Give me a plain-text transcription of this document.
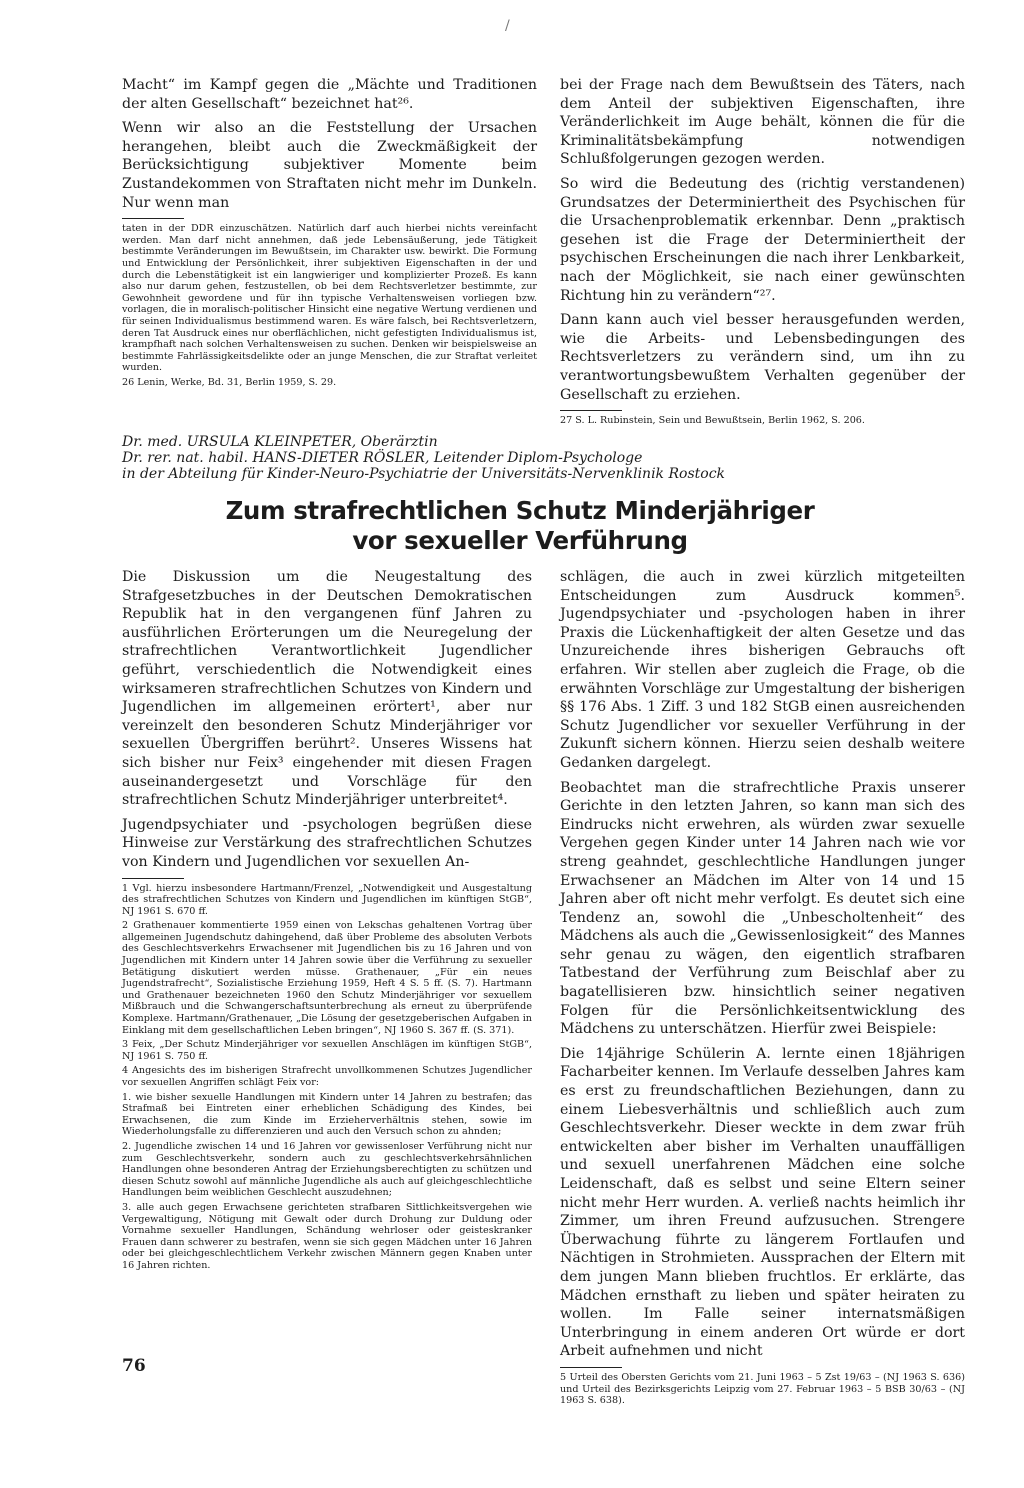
/

Macht“ im Kampf gegen die „Mächte und Traditionen der alten Gesellschaft“ bezeichnet hat²⁶.

Wenn wir also an die Feststellung der Ursachen herangehen, bleibt auch die Zweckmäßigkeit der Berücksichtigung subjektiver Momente beim Zustandekommen von Straftaten nicht mehr im Dunkeln. Nur wenn man

taten in der DDR einzuschätzen. Natürlich darf auch hierbei nichts vereinfacht werden. Man darf nicht annehmen, daß jede Lebensäußerung, jede Tätigkeit bestimmte Veränderungen im Bewußtsein, im Charakter usw. bewirkt. Die Formung und Entwicklung der Persönlichkeit, ihrer subjektiven Eigenschaften in der und durch die Lebenstätigkeit ist ein langwieriger und komplizierter Prozeß. Es kann also nur darum gehen, festzustellen, ob bei dem Rechtsverletzer bestimmte, zur Gewohnheit gewordene und für ihn typische Verhaltensweisen vorliegen bzw. vorlagen, die in moralisch-politischer Hinsicht eine negative Wertung verdienen und für seinen Individualismus bestimmend waren. Es wäre falsch, bei Rechtsverletzern, deren Tat Ausdruck eines nur oberflächlichen, nicht gefestigten Individualismus ist, krampfhaft nach solchen Verhaltensweisen zu suchen. Denken wir beispielsweise an bestimmte Fahrlässigkeitsdelikte oder an junge Menschen, die zur Straftat verleitet wurden.

26 Lenin, Werke, Bd. 31, Berlin 1959, S. 29.

bei der Frage nach dem Bewußtsein des Täters, nach dem Anteil der subjektiven Eigenschaften, ihre Veränderlichkeit im Auge behält, können die für die Kriminalitätsbekämpfung notwendigen Schlußfolgerungen gezogen werden.

So wird die Bedeutung des (richtig verstandenen) Grundsatzes der Determiniertheit des Psychischen für die Ursachenproblematik erkennbar. Denn „praktisch gesehen ist die Frage der Determiniertheit der psychischen Erscheinungen die nach ihrer Lenkbarkeit, nach der Möglichkeit, sie nach einer gewünschten Richtung hin zu verändern“²⁷.

Dann kann auch viel besser herausgefunden werden, wie die Arbeits- und Lebensbedingungen des Rechtsverletzers zu verändern sind, um ihn zu verantwortungsbewußtem Verhalten gegenüber der Gesellschaft zu erziehen.

27 S. L. Rubinstein, Sein und Bewußtsein, Berlin 1962, S. 206.

Dr. med. URSULA KLEINPETER, Oberärztin
Dr. rer. nat. habil. HANS-DIETER RÖSLER, Leitender Diplom-Psychologe
in der Abteilung für Kinder-Neuro-Psychiatrie der Universitäts-Nervenklinik Rostock
Zum strafrechtlichen Schutz Minderjähriger
vor sexueller Verführung

Die Diskussion um die Neugestaltung des Strafgesetzbuches in der Deutschen Demokratischen Republik hat in den vergangenen fünf Jahren zu ausführlichen Erörterungen um die Neuregelung der strafrechtlichen Verantwortlichkeit Jugendlicher geführt, verschiedentlich die Notwendigkeit eines wirksameren strafrechtlichen Schutzes von Kindern und Jugendlichen im allgemeinen erörtert¹, aber nur vereinzelt den besonderen Schutz Minderjähriger vor sexuellen Übergriffen berührt². Unseres Wissens hat sich bisher nur Feix³ eingehender mit diesen Fragen auseinandergesetzt und Vorschläge für den strafrechtlichen Schutz Minderjähriger unterbreitet⁴.

Jugendpsychiater und -psychologen begrüßen diese Hinweise zur Verstärkung des strafrechtlichen Schutzes von Kindern und Jugendlichen vor sexuellen An-

1 Vgl. hierzu insbesondere Hartmann/Frenzel, „Notwendigkeit und Ausgestaltung des strafrechtlichen Schutzes von Kindern und Jugendlichen im künftigen StGB“, NJ 1961 S. 670 ff.

2 Grathenauer kommentierte 1959 einen von Lekschas gehaltenen Vortrag über allgemeinen Jugendschutz dahingehend, daß über Probleme des absoluten Verbots des Geschlechtsverkehrs Erwachsener mit Jugendlichen bis zu 16 Jahren und von Jugendlichen mit Kindern unter 14 Jahren sowie über die Verführung zu sexueller Betätigung diskutiert werden müsse. Grathenauer, „Für ein neues Jugendstrafrecht“, Sozialistische Erziehung 1959, Heft 4 S. 5 ff. (S. 7). Hartmann und Grathenauer bezeichneten 1960 den Schutz Minderjähriger vor sexuellem Mißbrauch und die Schwangerschaftsunterbrechung als erneut zu überprüfende Komplexe. Hartmann/Grathenauer, „Die Lösung der gesetzgeberischen Aufgaben in Einklang mit dem gesellschaftlichen Leben bringen“, NJ 1960 S. 367 ff. (S. 371).

3 Feix, „Der Schutz Minderjähriger vor sexuellen Anschlägen im künftigen StGB“, NJ 1961 S. 750 ff.

4 Angesichts des im bisherigen Strafrecht unvollkommenen Schutzes Jugendlicher vor sexuellen Angriffen schlägt Feix vor:

1. wie bisher sexuelle Handlungen mit Kindern unter 14 Jahren zu bestrafen; das Strafmaß bei Eintreten einer erheblichen Schädigung des Kindes, bei Erwachsenen, die zum Kinde im Erzieherverhältnis stehen, sowie im Wiederholungsfalle zu differenzieren und auch den Versuch schon zu ahnden;

2. Jugendliche zwischen 14 und 16 Jahren vor gewissenloser Verführung nicht nur zum Geschlechtsverkehr, sondern auch zu geschlechtsverkehrsähnlichen Handlungen ohne besonderen Antrag der Erziehungsberechtigten zu schützen und diesen Schutz sowohl auf männliche Jugendliche als auch auf gleichgeschlechtliche Handlungen beim weiblichen Geschlecht auszudehnen;

3. alle auch gegen Erwachsene gerichteten strafbaren Sittlichkeitsvergehen wie Vergewaltigung, Nötigung mit Gewalt oder durch Drohung zur Duldung oder Vornahme sexueller Handlungen, Schändung wehrloser oder geisteskranker Frauen dann schwerer zu bestrafen, wenn sie sich gegen Mädchen unter 16 Jahren oder bei gleichgeschlechtlichem Verkehr zwischen Männern gegen Knaben unter 16 Jahren richten.

schlägen, die auch in zwei kürzlich mitgeteilten Entscheidungen zum Ausdruck kommen⁵. Jugendpsychiater und -psychologen haben in ihrer Praxis die Lückenhaftigkeit der alten Gesetze und das Unzureichende ihres bisherigen Gebrauchs oft erfahren. Wir stellen aber zugleich die Frage, ob die erwähnten Vorschläge zur Umgestaltung der bisherigen §§ 176 Abs. 1 Ziff. 3 und 182 StGB einen ausreichenden Schutz Jugendlicher vor sexueller Verführung in der Zukunft sichern können. Hierzu seien deshalb weitere Gedanken dargelegt.

Beobachtet man die strafrechtliche Praxis unserer Gerichte in den letzten Jahren, so kann man sich des Eindrucks nicht erwehren, als würden zwar sexuelle Vergehen gegen Kinder unter 14 Jahren nach wie vor streng geahndet, geschlechtliche Handlungen junger Erwachsener an Mädchen im Alter von 14 und 15 Jahren aber oft nicht mehr verfolgt. Es deutet sich eine Tendenz an, sowohl die „Unbescholtenheit“ des Mädchens als auch die „Gewissenlosigkeit“ des Mannes sehr genau zu wägen, den eigentlich strafbaren Tatbestand der Verführung zum Beischlaf aber zu bagatellisieren bzw. hinsichtlich seiner negativen Folgen für die Persönlichkeitsentwicklung des Mädchens zu unterschätzen. Hierfür zwei Beispiele:

Die 14jährige Schülerin A. lernte einen 18jährigen Facharbeiter kennen. Im Verlaufe desselben Jahres kam es erst zu freundschaftlichen Beziehungen, dann zu einem Liebesverhältnis und schließlich auch zum Geschlechtsverkehr. Dieser weckte in dem zwar früh entwickelten aber bisher im Verhalten unauffälligen und sexuell unerfahrenen Mädchen eine solche Leidenschaft, daß es selbst und seine Eltern seiner nicht mehr Herr wurden. A. verließ nachts heimlich ihr Zimmer, um ihren Freund aufzusuchen. Strengere Überwachung führte zu längerem Fortlaufen und Nächtigen in Strohmieten. Aussprachen der Eltern mit dem jungen Mann blieben fruchtlos. Er erklärte, das Mädchen ernsthaft zu lieben und später heiraten zu wollen. Im Falle seiner internatsmäßigen Unterbringung in einem anderen Ort würde er dort Arbeit aufnehmen und nicht

5 Urteil des Obersten Gerichts vom 21. Juni 1963 – 5 Zst 19/63 – (NJ 1963 S. 636) und Urteil des Bezirksgerichts Leipzig vom 27. Februar 1963 – 5 BSB 30/63 – (NJ 1963 S. 638).

76
